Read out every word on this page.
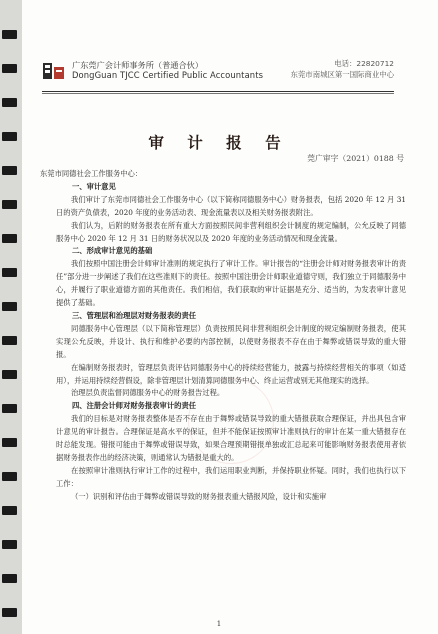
广东莞广会计师事务所（普通合伙）
DongGuan TJCC Certified Public Accountants
电话：22820712
东莞市南城区第一国际商业中心
审 计 报 告
莞广审字（2021）0188 号

东莞市同德社会工作服务中心：

一、审计意见

我们审计了东莞市同德社会工作服务中心（以下简称同德服务中心）财务报表，包括 2020 年 12 月 31 日的资产负债表，2020 年度的业务活动表、现金流量表以及相关财务报表附注。

我们认为，后附的财务报表在所有重大方面按照民间非营利组织会计制度的规定编制，公允反映了同德服务中心 2020 年 12 月 31 日的财务状况以及 2020 年度的业务活动情况和现金流量。

二、形成审计意见的基础

我们按照中国注册会计师审计准则的规定执行了审计工作。审计报告的“注册会计师对财务报表审计的责任”部分进一步阐述了我们在这些准则下的责任。按照中国注册会计师职业道德守则，我们独立于同德服务中心，并履行了职业道德方面的其他责任。我们相信，我们获取的审计证据是充分、适当的，为发表审计意见提供了基础。

三、管理层和治理层对财务报表的责任

同德服务中心管理层（以下简称管理层）负责按照民间非营利组织会计制度的规定编制财务报表，使其实现公允反映，并设计、执行和维护必要的内部控制，以使财务报表不存在由于舞弊或错误导致的重大错报。

在编制财务报表时，管理层负责评估同德服务中心的持续经营能力，披露与持续经营相关的事项（如适用），并运用持续经营假设，除非管理层计划清算同德服务中心、终止运营或别无其他现实的选择。

治理层负责监督同德服务中心的财务报告过程。

四、注册会计师对财务报表审计的责任

我们的目标是对财务报表整体是否不存在由于舞弊或错误导致的重大错报获取合理保证，并出具包含审计意见的审计报告。合理保证是高水平的保证，但并不能保证按照审计准则执行的审计在某一重大错报存在时总能发现。错报可能由于舞弊或错误导致，如果合理预期错报单独或汇总起来可能影响财务报表使用者依据财务报表作出的经济决策，则通常认为错报是重大的。

在按照审计准则执行审计工作的过程中，我们运用职业判断，并保持职业怀疑。同时，我们也执行以下工作：

（一）识别和评估由于舞弊或错误导致的财务报表重大错报风险，设计和实施审

1
